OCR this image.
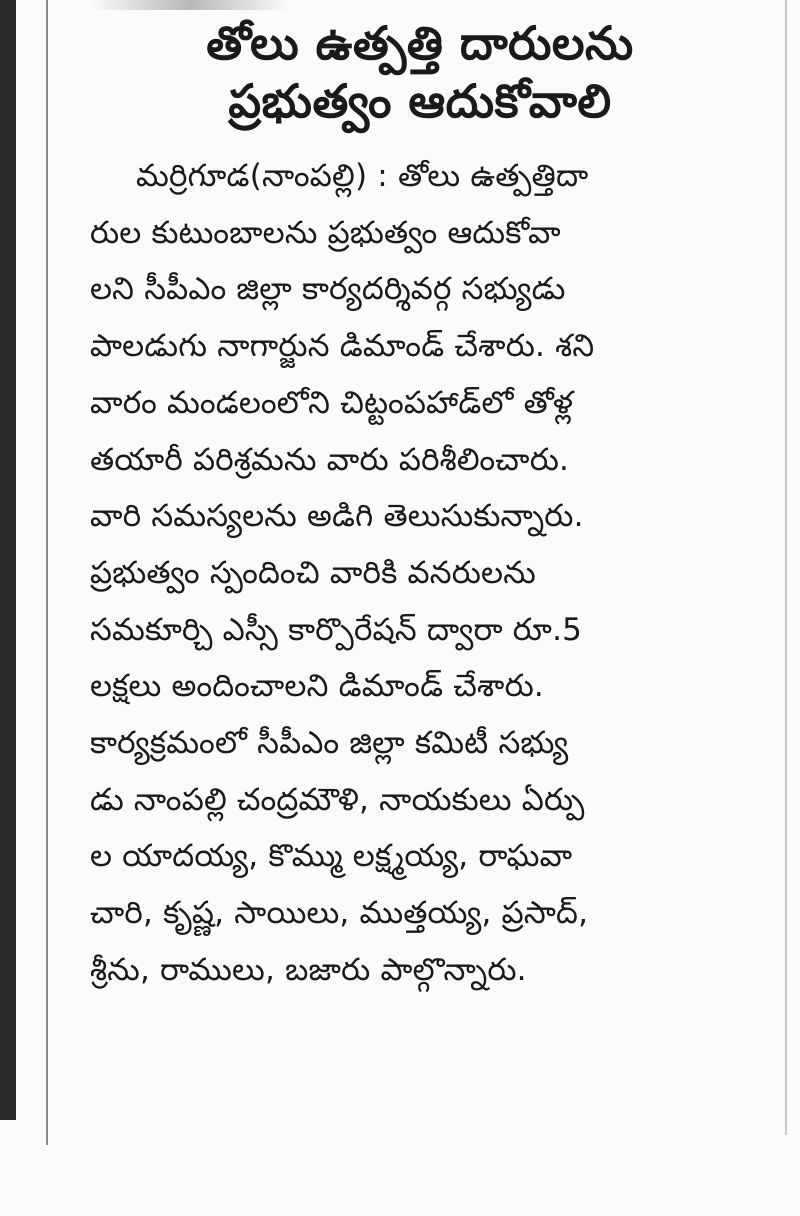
తోలు ఉత్పత్తి దారులను
ప్రభుత్వం ఆదుకోవాలి
మర్రిగూడ(నాంపల్లి) : తోలు ఉత్పత్తిదా
రుల కుటుంబాలను ప్రభుత్వం ఆదుకోవా
లని సీపీఎం జిల్లా కార్యదర్శివర్గ సభ్యుడు
పాలడుగు నాగార్జున డిమాండ్ చేశారు. శని
వారం మండలంలోని చిట్టంపహాడ్‌లో తోళ్ల
తయారీ పరిశ్రమను వారు పరిశీలించారు.
వారి సమస్యలను అడిగి తెలుసుకున్నారు.
ప్రభుత్వం స్పందించి వారికి వనరులను
సమకూర్చి ఎస్సీ కార్పొరేషన్ ద్వారా రూ.5
లక్షలు అందించాలని డిమాండ్ చేశారు.
కార్యక్రమంలో సీపీఎం జిల్లా కమిటీ సభ్యు
డు నాంపల్లి చంద్రమౌళి, నాయకులు ఏర్పు
ల యాదయ్య, కొమ్ము లక్ష్మయ్య, రాఘవా
చారి, కృష్ణ, సాయిలు, ముత్తయ్య, ప్రసాద్,
శ్రీను, రాములు, బజారు పాల్గొన్నారు.
